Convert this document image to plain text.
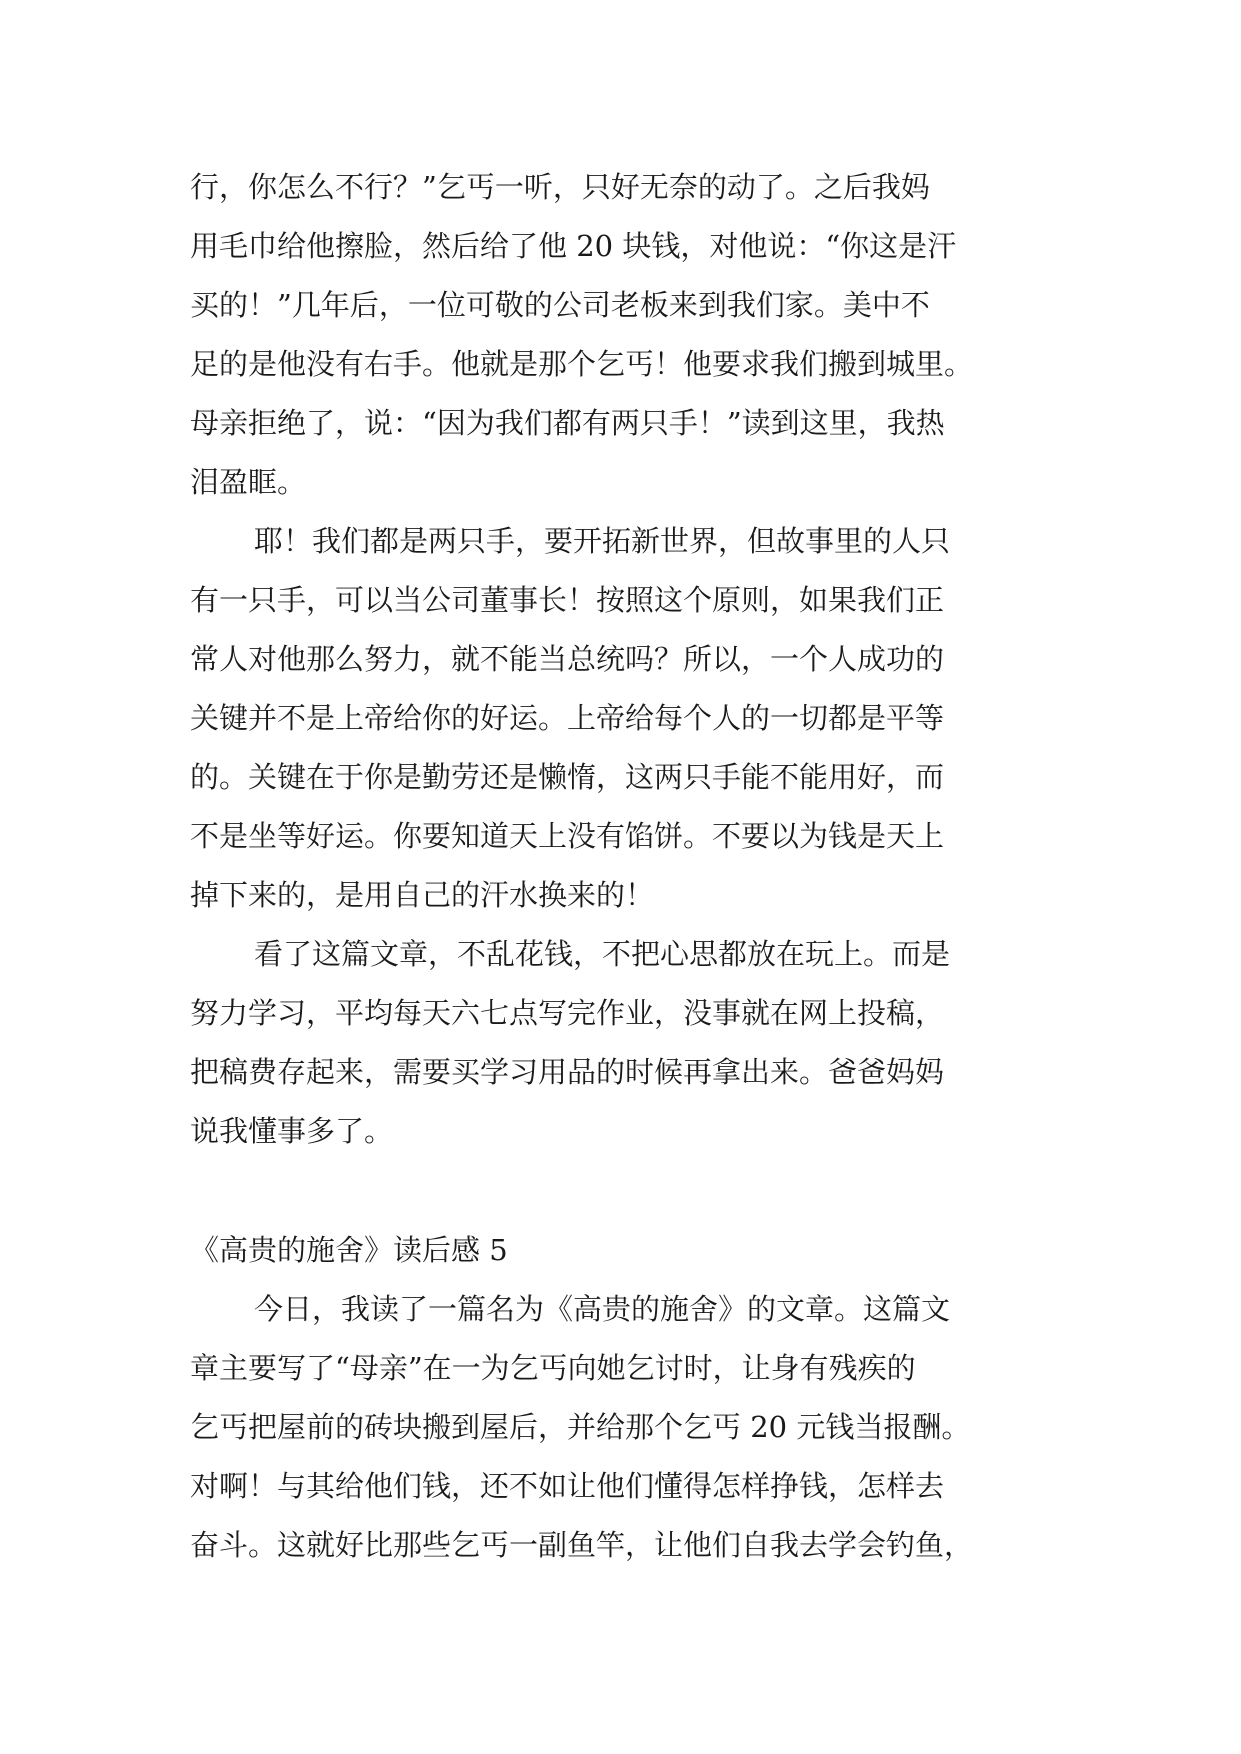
行，你怎么不行？”乞丐一听，只好无奈的动了。之后我妈
用毛巾给他擦脸，然后给了他 20 块钱，对他说：“你这是汗
买的！”几年后，一位可敬的公司老板来到我们家。美中不
足的是他没有右手。他就是那个乞丐！他要求我们搬到城里。
母亲拒绝了，说：“因为我们都有两只手！”读到这里，我热
泪盈眶。
耶！我们都是两只手，要开拓新世界，但故事里的人只
有一只手，可以当公司董事长！按照这个原则，如果我们正
常人对他那么努力，就不能当总统吗？所以，一个人成功的
关键并不是上帝给你的好运。上帝给每个人的一切都是平等
的。关键在于你是勤劳还是懒惰，这两只手能不能用好，而
不是坐等好运。你要知道天上没有馅饼。不要以为钱是天上
掉下来的，是用自己的汗水换来的！
看了这篇文章，不乱花钱，不把心思都放在玩上。而是
努力学习，平均每天六七点写完作业，没事就在网上投稿，
把稿费存起来，需要买学习用品的时候再拿出来。爸爸妈妈
说我懂事多了。
《高贵的施舍》读后感 5
今日，我读了一篇名为《高贵的施舍》的文章。这篇文
章主要写了“母亲”在一为乞丐向她乞讨时，让身有残疾的
乞丐把屋前的砖块搬到屋后，并给那个乞丐 20 元钱当报酬。
对啊！与其给他们钱，还不如让他们懂得怎样挣钱，怎样去
奋斗。这就好比那些乞丐一副鱼竿，让他们自我去学会钓鱼，
